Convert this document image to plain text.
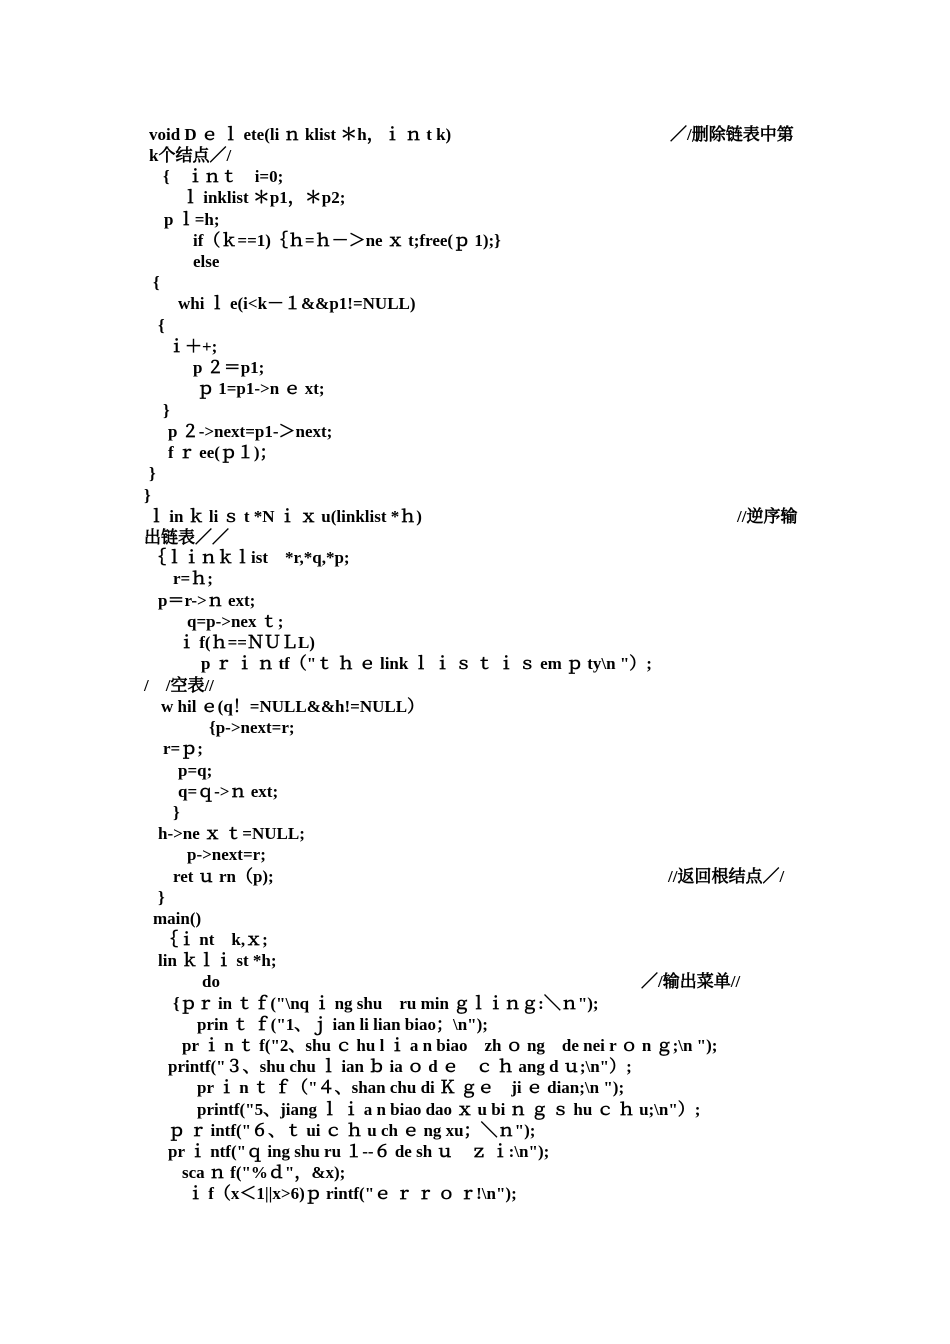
void D ｅ ｌ ete(li ｎ klist ＊h，ｉ ｎ t k)	／/删除链表中第
k个结点／/
{　ｉｎｔ　i=0;
ｌ inklist ＊p1，＊p2;
p ｌ=h;
if（ｋ==1)｛ｈ=ｈ－＞ne ｘ t;free(ｐ 1);}
else
{
whi ｌ e(i<k－１&&p1!=NULL)
{
ｉ＋+;
p ２＝p1;
ｐ 1=p1->n ｅ xt;
}
p ２->next=p1-＞next;
f ｒ ee(ｐ１)；
}
}
ｌ in ｋ li ｓ t *N ｉ ｘ u(linklist *ｈ)	//逆序输
出链表／／
｛ｌｉｎｋｌist　*r,*q,*p;
r=ｈ;
p＝r->ｎ ext;
q=p->nex ｔ;
ｉ f(ｈ==ＮＵＬL)
p ｒ ｉ ｎ tf（"ｔ ｈ ｅ link ｌ ｉ ｓ ｔ ｉ ｓ em ｐ ty\n "）;
/　/空表//
w hil ｅ(q！=NULL&&h!=NULL）
{p->next=r;
r=ｐ;
p=q;
q=ｑ->ｎ ext;
}
h->ne ｘ ｔ=NULL;
p->next=r;
ret ｕ rn（p);	//返回根结点／/
}
main()
｛ｉ nt　k,ｘ;
lin ｋｌｉ st *h;
do	／/输出菜单//
{ｐｒ in ｔｆ("\nq ｉ ng shu　ru min ｇｌｉｎｇ:＼ｎ");
prin ｔ ｆ("1、ｊ ian li lian biao；\n");
pr ｉ n ｔ f("2、shu ｃ hu l ｉ a n biao　zh ｏ ng　de nei r ｏ n ｇ;\n ");
printf("３、shu chu ｌ ian ｂ ia ｏ d ｅ　ｃ ｈ ang d ｕ;\n"）;
pr ｉ n ｔ ｆ（"４、shan chu di Ｋ ｇｅ　ji ｅ dian;\n ");
printf("5、jiang ｌ ｉ a n biao dao ｘ u bi ｎ ｇ ｓ hu ｃ ｈ u;\n"）;
ｐ ｒ intf("６、ｔ ui ｃ ｈ u ch ｅ ng xu；＼ｎ");
pr ｉ ntf("ｑ ing shu ru １--６ de sh ｕ　ｚ ｉ:\n");
sca ｎ f("%ｄ"，&x);
ｉ f（x＜1||x>6)ｐ rintf("ｅ ｒ ｒ ｏ ｒ!\n");
